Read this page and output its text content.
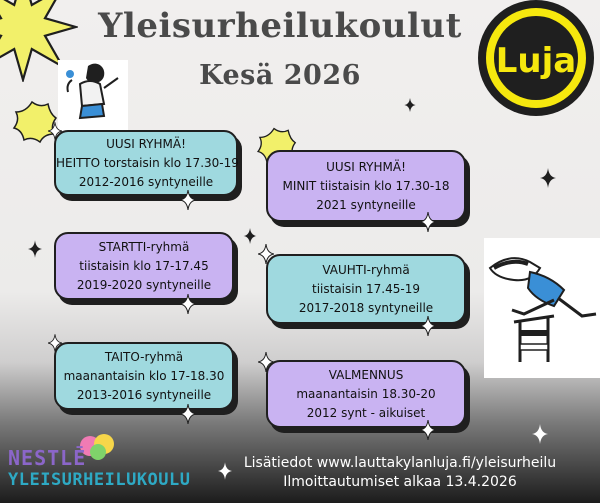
Yleisurheilukoulut
Kesä 2026	Luja
UUSI RYHMÄ!
HEITTO torstaisin klo 17.30-19
2012-2016 syntyneille
UUSI RYHMÄ!
MINIT tiistaisin klo 17.30-18
2021 syntyneille
STARTTI-ryhmä
tiistaisin klo 17-17.45
2019-2020 syntyneille
VAUHTI-ryhmä
tiistaisin 17.45-19
2017-2018 syntyneille
TAITO-ryhmä
maanantaisin klo 17-18.30
2013-2016 syntyneille
VALMENNUS
maanantaisin 18.30-20
2012 synt - aikuiset
NESTLĒ
YLEISURHEILUKOULU
Lisätiedot www.lauttakylanluja.fi/yleisurheilu
Ilmoittautumiset alkaa 13.4.2026
